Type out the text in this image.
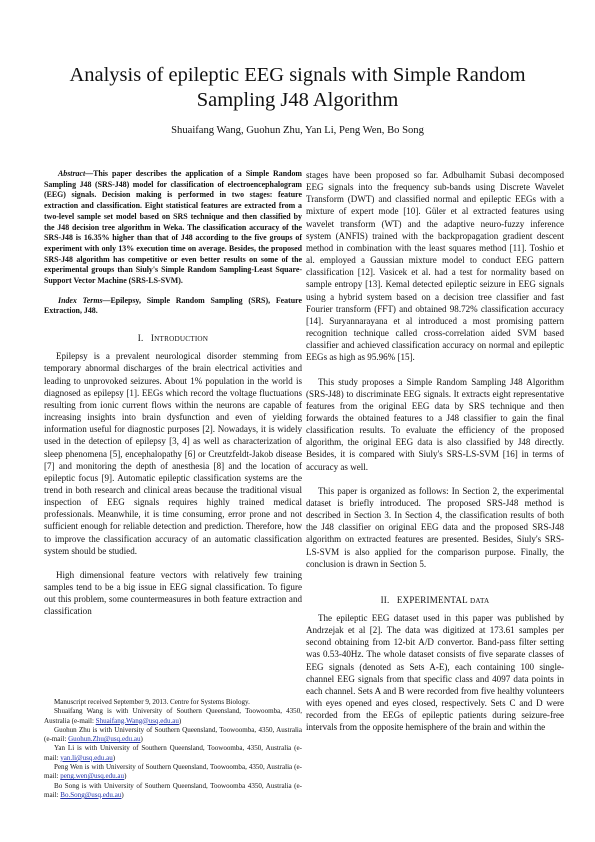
Analysis of epileptic EEG signals with Simple Random Sampling J48 Algorithm
Shuaifang Wang, Guohun Zhu, Yan Li, Peng Wen, Bo Song

Abstract—This paper describes the application of a Simple Random Sampling J48 (SRS-J48) model for classification of electroencephalogram (EEG) signals. Decision making is performed in two stages: feature extraction and classification. Eight statistical features are extracted from a two-level sample set model based on SRS technique and then classified by the J48 decision tree algorithm in Weka. The classification accuracy of the SRS-J48 is 16.35% higher than that of J48 according to the five groups of experiment with only 13% execution time on average. Besides, the proposed SRS-J48 algorithm has competitive or even better results on some of the experimental groups than Siuly's Simple Random Sampling-Least Square-Support Vector Machine (SRS-LS-SVM).

Index Terms—Epilepsy, Simple Random Sampling (SRS), Feature Extraction, J48.

I. INTRODUCTION

Epilepsy is a prevalent neurological disorder stemming from temporary abnormal discharges of the brain electrical activities and leading to unprovoked seizures. About 1% population in the world is diagnosed as epilepsy [1]. EEGs which record the voltage fluctuations resulting from ionic current flows within the neurons are capable of increasing insights into brain dysfunction and even of yielding information useful for diagnostic purposes [2]. Nowadays, it is widely used in the detection of epilepsy [3, 4] as well as characterization of sleep phenomena [5], encephalopathy [6] or Creutzfeldt-Jakob disease [7] and monitoring the depth of anesthesia [8] and the location of epileptic focus [9]. Automatic epileptic classification systems are the trend in both research and clinical areas because the traditional visual inspection of EEG signals requires highly trained medical professionals. Meanwhile, it is time consuming, error prone and not sufficient enough for reliable detection and prediction. Therefore, how to improve the classification accuracy of an automatic classification system should be studied.

High dimensional feature vectors with relatively few training samples tend to be a big issue in EEG signal classification. To figure out this problem, some countermeasures in both feature extraction and classification

Manuscript received September 9, 2013. Centre for Systems Biology.

Shuaifang Wang is with University of Southern Queensland, Toowoomba, 4350, Australia (e-mail: Shuaifang.Wang@usq.edu.au)

Guohun Zhu is with University of Southern Queensland, Toowoomba, 4350, Australia (e-mail: Guohun.Zhu@usq.edu.au)

Yan Li is with University of Southern Queensland, Toowoomba, 4350, Australia (e-mail: yan.li@usq.edu.au)

Peng Wen is with University of Southern Queensland, Toowoomba, 4350, Australia (e-mail: peng.wen@usq.edu.au)

Bo Song is with University of Southern Queensland, Toowoomba 4350, Australia (e-mail: Bo.Song@usq.edu.au)

stages have been proposed so far. Adbulhamit Subasi decomposed EEG signals into the frequency sub-bands using Discrete Wavelet Transform (DWT) and classified normal and epileptic EEGs with a mixture of expert mode [10]. Güler et al extracted features using wavelet transform (WT) and the adaptive neuro-fuzzy inference system (ANFIS) trained with the backpropagation gradient descent method in combination with the least squares method [11]. Toshio et al. employed a Gaussian mixture model to conduct EEG pattern classification [12]. Vasicek et al. had a test for normality based on sample entropy [13]. Kemal detected epileptic seizure in EEG signals using a hybrid system based on a decision tree classifier and fast Fourier transform (FFT) and obtained 98.72% classification accuracy [14]. Suryannarayana et al introduced a most promising pattern recognition technique called cross-correlation aided SVM based classifier and achieved classification accuracy on normal and epileptic EEGs as high as 95.96% [15].

This study proposes a Simple Random Sampling J48 Algorithm (SRS-J48) to discriminate EEG signals. It extracts eight representative features from the original EEG data by SRS technique and then forwards the obtained features to a J48 classifier to gain the final classification results. To evaluate the efficiency of the proposed algorithm, the original EEG data is also classified by J48 directly. Besides, it is compared with Siuly's SRS-LS-SVM [16] in terms of accuracy as well.

This paper is organized as follows: In Section 2, the experimental dataset is briefly introduced. The proposed SRS-J48 method is described in Section 3. In Section 4, the classification results of both the J48 classifier on original EEG data and the proposed SRS-J48 algorithm on extracted features are presented. Besides, Siuly's SRS-LS-SVM is also applied for the comparison purpose. Finally, the conclusion is drawn in Section 5.

II. EXPERIMENTAL DATA

The epileptic EEG dataset used in this paper was published by Andrzejak et al [2]. The data was digitized at 173.61 samples per second obtaining from 12-bit A/D convertor. Band-pass filter setting was 0.53-40Hz. The whole dataset consists of five separate classes of EEG signals (denoted as Sets A-E), each containing 100 single-channel EEG signals from that specific class and 4097 data points in each channel. Sets A and B were recorded from five healthy volunteers with eyes opened and eyes closed, respectively. Sets C and D were recorded from the EEGs of epileptic patients during seizure-free intervals from the opposite hemisphere of the brain and within the
